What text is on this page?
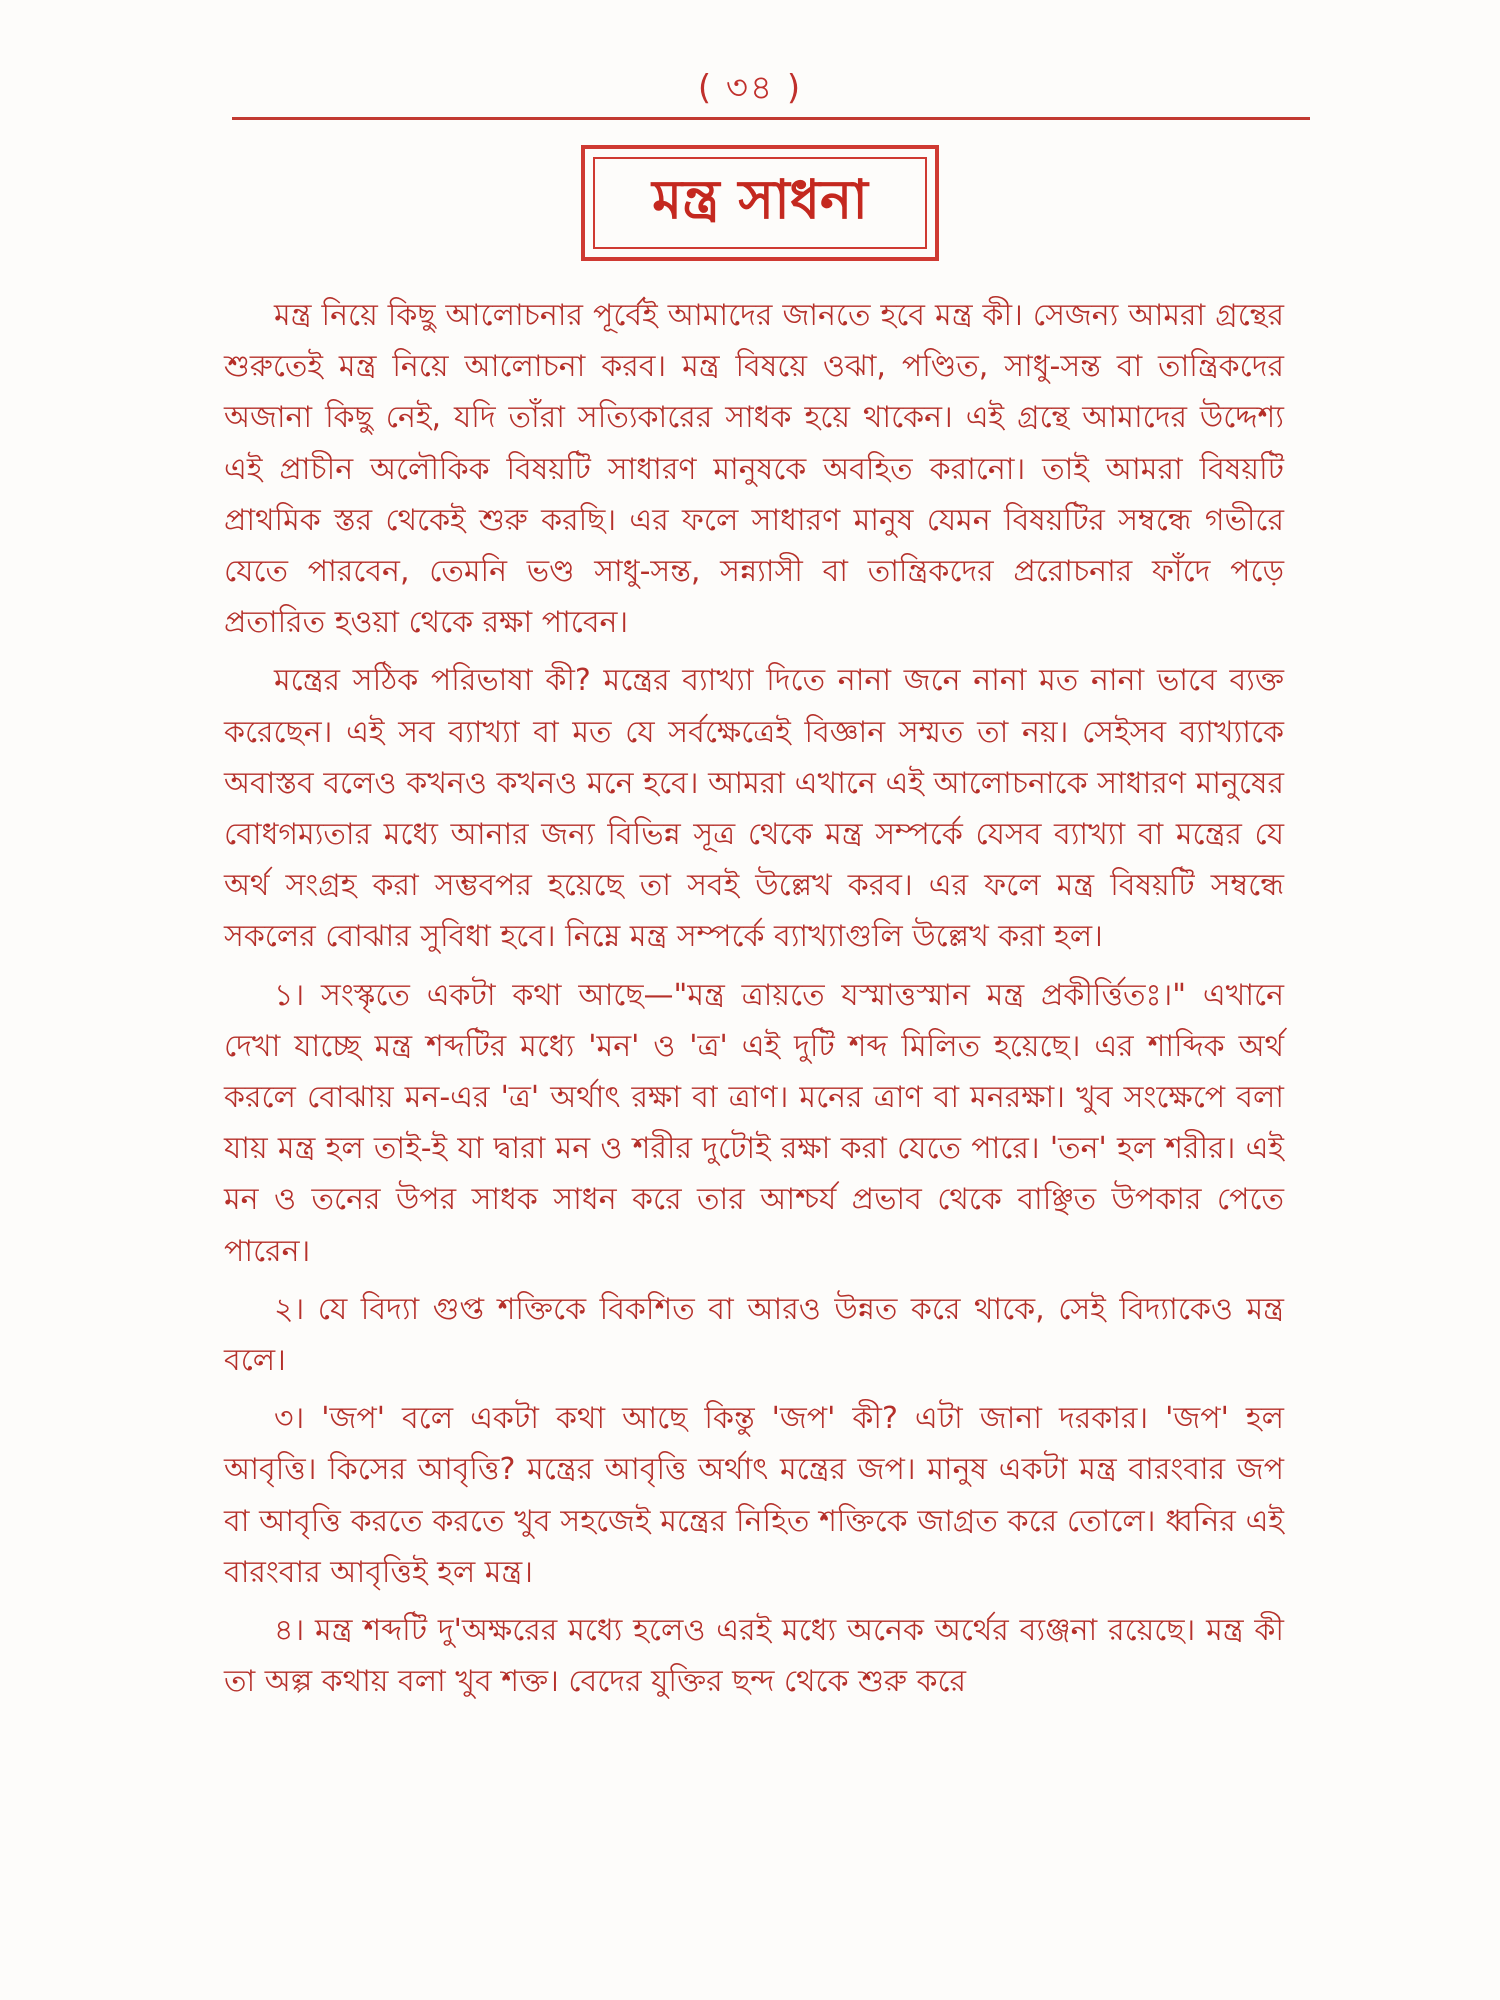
( ৩৪ )
মন্ত্র সাধনা

মন্ত্র নিয়ে কিছু আলোচনার পূর্বেই আমাদের জানতে হবে মন্ত্র কী। সেজন্য আমরা গ্রন্থের শুরুতেই মন্ত্র নিয়ে আলোচনা করব। মন্ত্র বিষয়ে ওঝা, পণ্ডিত, সাধু-সন্ত বা তান্ত্রিকদের অজানা কিছু নেই, যদি তাঁরা সত্যিকারের সাধক হয়ে থাকেন। এই গ্রন্থে আমাদের উদ্দেশ্য এই প্রাচীন অলৌকিক বিষয়টি সাধারণ মানুষকে অবহিত করানো। তাই আমরা বিষয়টি প্রাথমিক স্তর থেকেই শুরু করছি। এর ফলে সাধারণ মানুষ যেমন বিষয়টির সম্বন্ধে গভীরে যেতে পারবেন, তেমনি ভণ্ড সাধু-সন্ত, সন্ন্যাসী বা তান্ত্রিকদের প্ররোচনার ফাঁদে পড়ে প্রতারিত হওয়া থেকে রক্ষা পাবেন।

মন্ত্রের সঠিক পরিভাষা কী? মন্ত্রের ব্যাখ্যা দিতে নানা জনে নানা মত নানা ভাবে ব্যক্ত করেছেন। এই সব ব্যাখ্যা বা মত যে সর্বক্ষেত্রেই বিজ্ঞান সম্মত তা নয়। সেইসব ব্যাখ্যাকে অবাস্তব বলেও কখনও কখনও মনে হবে। আমরা এখানে এই আলোচনাকে সাধারণ মানুষের বোধগম্যতার মধ্যে আনার জন্য বিভিন্ন সূত্র থেকে মন্ত্র সম্পর্কে যেসব ব্যাখ্যা বা মন্ত্রের যে অর্থ সংগ্রহ করা সম্ভবপর হয়েছে তা সবই উল্লেখ করব। এর ফলে মন্ত্র বিষয়টি সম্বন্ধে সকলের বোঝার সুবিধা হবে। নিম্নে মন্ত্র সম্পর্কে ব্যাখ্যাগুলি উল্লেখ করা হল।

১। সংস্কৃতে একটা কথা আছে—"মন্ত্র ত্রায়তে যস্মাত্তস্মান মন্ত্র প্রকীর্ত্তিতঃ।" এখানে দেখা যাচ্ছে মন্ত্র শব্দটির মধ্যে 'মন' ও 'ত্র' এই দুটি শব্দ মিলিত হয়েছে। এর শাব্দিক অর্থ করলে বোঝায় মন-এর 'ত্র' অর্থাৎ রক্ষা বা ত্রাণ। মনের ত্রাণ বা মনরক্ষা। খুব সংক্ষেপে বলা যায় মন্ত্র হল তাই-ই যা দ্বারা মন ও শরীর দুটোই রক্ষা করা যেতে পারে। 'তন' হল শরীর। এই মন ও তনের উপর সাধক সাধন করে তার আশ্চর্য প্রভাব থেকে বাঞ্ছিত উপকার পেতে পারেন।

২। যে বিদ্যা গুপ্ত শক্তিকে বিকশিত বা আরও উন্নত করে থাকে, সেই বিদ্যাকেও মন্ত্র বলে।

৩। 'জপ' বলে একটা কথা আছে কিন্তু 'জপ' কী? এটা জানা দরকার। 'জপ' হল আবৃত্তি। কিসের আবৃত্তি? মন্ত্রের আবৃত্তি অর্থাৎ মন্ত্রের জপ। মানুষ একটা মন্ত্র বারংবার জপ বা আবৃত্তি করতে করতে খুব সহজেই মন্ত্রের নিহিত শক্তিকে জাগ্রত করে তোলে। ধ্বনির এই বারংবার আবৃত্তিই হল মন্ত্র।

৪। মন্ত্র শব্দটি দু'অক্ষরের মধ্যে হলেও এরই মধ্যে অনেক অর্থের ব্যঞ্জনা রয়েছে। মন্ত্র কী তা অল্প কথায় বলা খুব শক্ত। বেদের যুক্তির ছন্দ থেকে শুরু করে
